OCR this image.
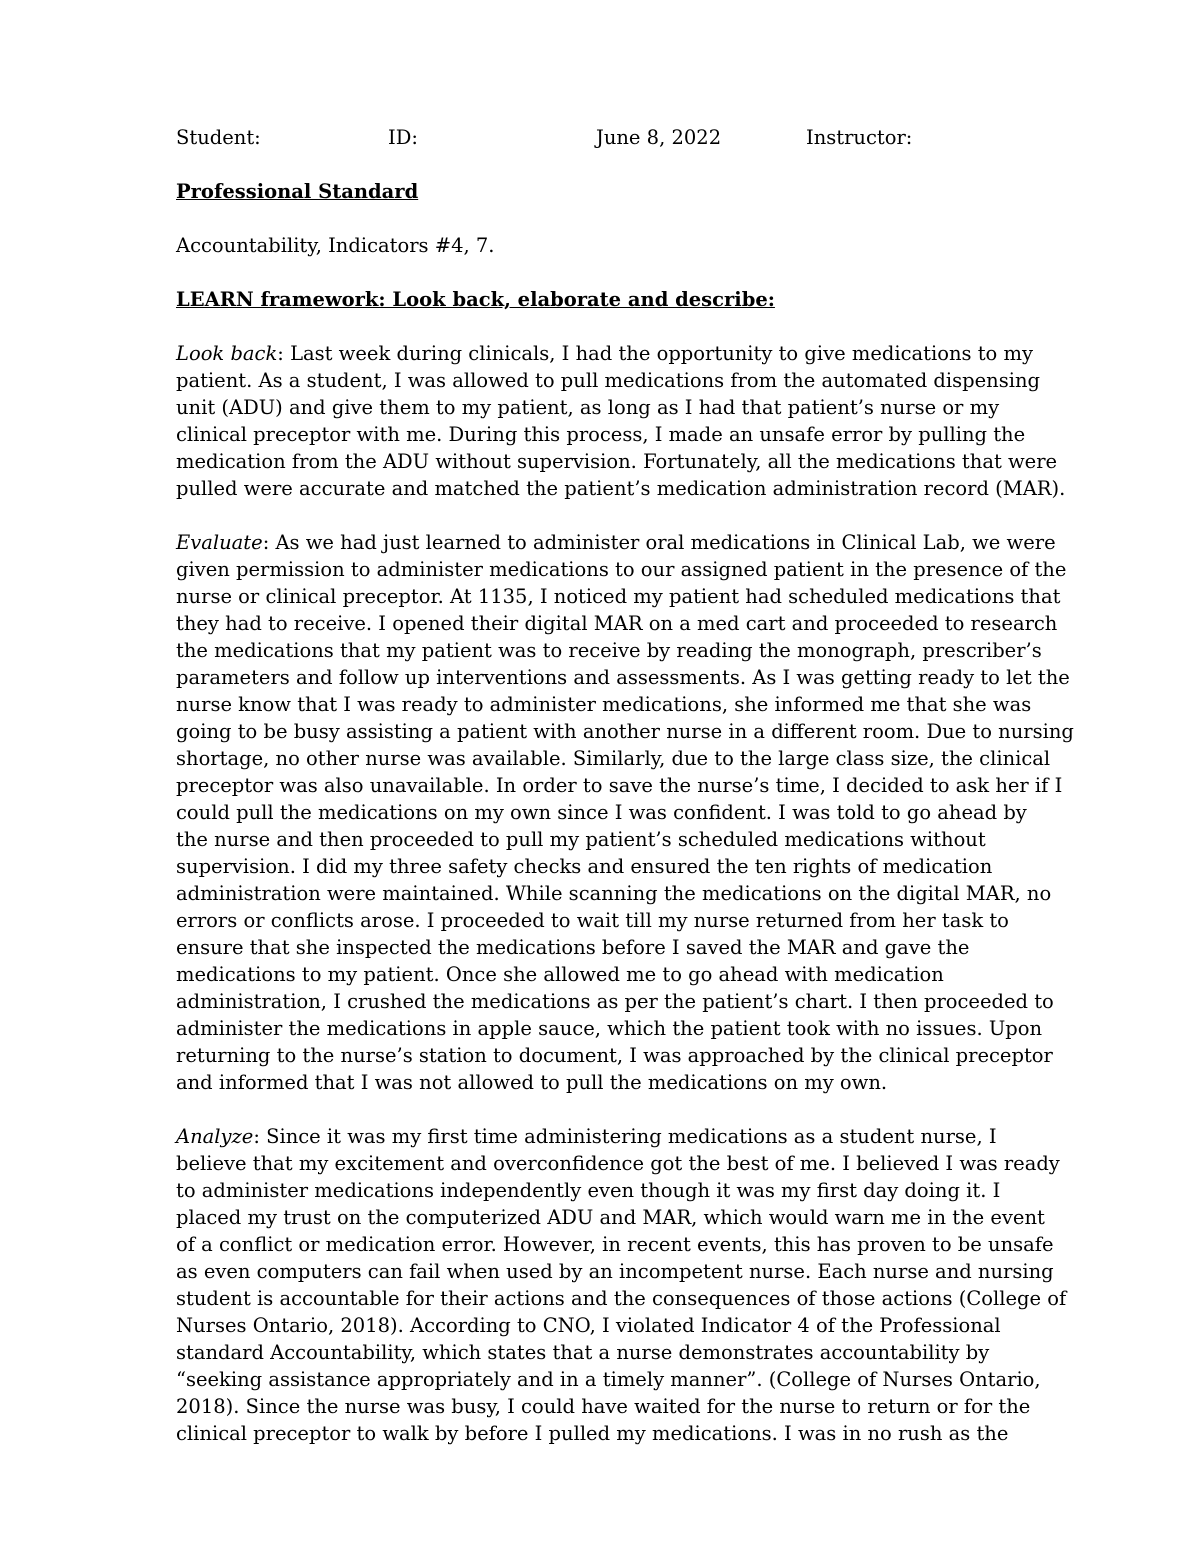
Student:	ID:	June 8, 2022	Instructor:
Professional Standard
Accountability, Indicators #4, 7.
LEARN framework: Look back, elaborate and describe:
Look back: Last week during clinicals, I had the opportunity to give medications to my
patient. As a student, I was allowed to pull medications from the automated dispensing
unit (ADU) and give them to my patient, as long as I had that patient’s nurse or my
clinical preceptor with me. During this process, I made an unsafe error by pulling the
medication from the ADU without supervision. Fortunately, all the medications that were
pulled were accurate and matched the patient’s medication administration record (MAR).
Evaluate: As we had just learned to administer oral medications in Clinical Lab, we were
given permission to administer medications to our assigned patient in the presence of the
nurse or clinical preceptor. At 1135, I noticed my patient had scheduled medications that
they had to receive. I opened their digital MAR on a med cart and proceeded to research
the medications that my patient was to receive by reading the monograph, prescriber’s
parameters and follow up interventions and assessments. As I was getting ready to let the
nurse know that I was ready to administer medications, she informed me that she was
going to be busy assisting a patient with another nurse in a different room. Due to nursing
shortage, no other nurse was available. Similarly, due to the large class size, the clinical
preceptor was also unavailable. In order to save the nurse’s time, I decided to ask her if I
could pull the medications on my own since I was confident. I was told to go ahead by
the nurse and then proceeded to pull my patient’s scheduled medications without
supervision. I did my three safety checks and ensured the ten rights of medication
administration were maintained. While scanning the medications on the digital MAR, no
errors or conflicts arose. I proceeded to wait till my nurse returned from her task to
ensure that she inspected the medications before I saved the MAR and gave the
medications to my patient. Once she allowed me to go ahead with medication
administration, I crushed the medications as per the patient’s chart. I then proceeded to
administer the medications in apple sauce, which the patient took with no issues. Upon
returning to the nurse’s station to document, I was approached by the clinical preceptor
and informed that I was not allowed to pull the medications on my own.
Analyze: Since it was my first time administering medications as a student nurse, I
believe that my excitement and overconfidence got the best of me. I believed I was ready
to administer medications independently even though it was my first day doing it. I
placed my trust on the computerized ADU and MAR, which would warn me in the event
of a conflict or medication error. However, in recent events, this has proven to be unsafe
as even computers can fail when used by an incompetent nurse. Each nurse and nursing
student is accountable for their actions and the consequences of those actions (College of
Nurses Ontario, 2018). According to CNO, I violated Indicator 4 of the Professional
standard Accountability, which states that a nurse demonstrates accountability by
“seeking assistance appropriately and in a timely manner”. (College of Nurses Ontario,
2018). Since the nurse was busy, I could have waited for the nurse to return or for the
clinical preceptor to walk by before I pulled my medications. I was in no rush as the
